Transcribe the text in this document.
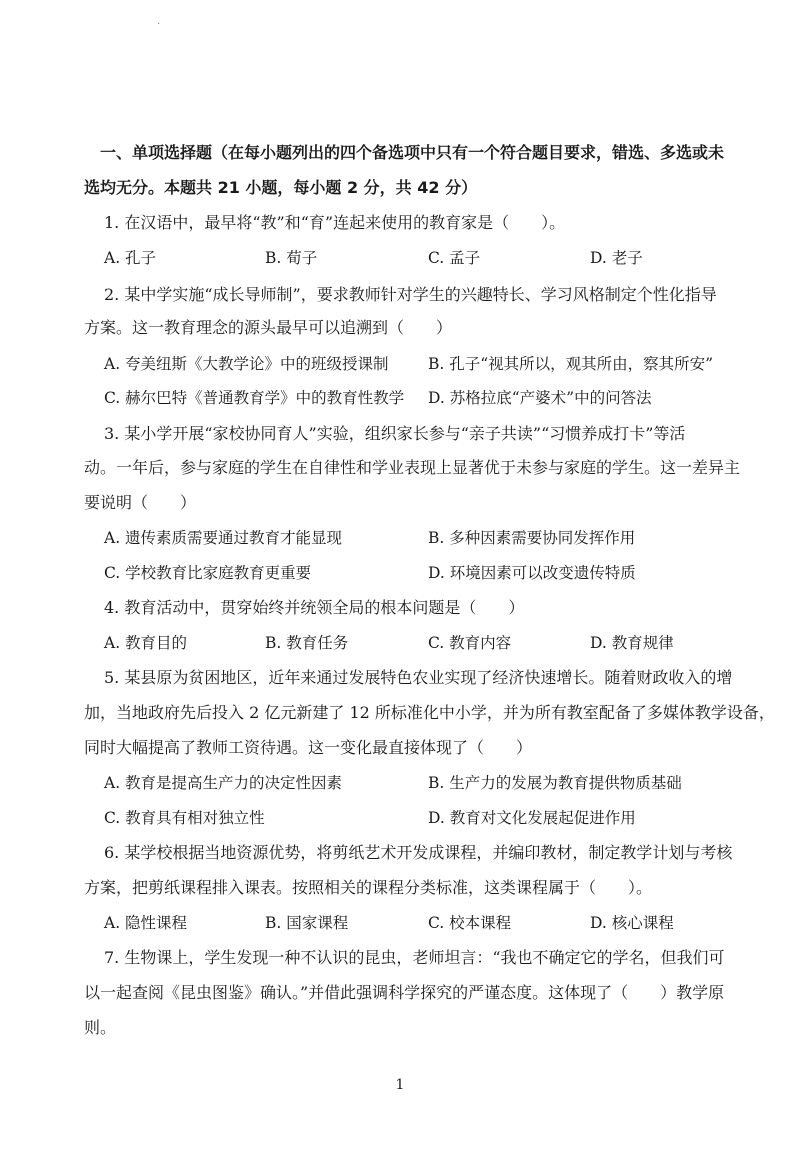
.

一、单项选择题（在每小题列出的四个备选项中只有一个符合题目要求，错选、多选或未

选均无分。本题共 21 小题，每小题 2 分，共 42 分）

1. 在汉语中，最早将“教”和“育”连起来使用的教育家是（　　）。

A. 孔子	B. 荀子	C. 孟子	D. 老子

2. 某中学实施“成长导师制”，要求教师针对学生的兴趣特长、学习风格制定个性化指导

方案。这一教育理念的源头最早可以追溯到（　　）

A. 夸美纽斯《大教学论》中的班级授课制	B. 孔子“视其所以，观其所由，察其所安”
C. 赫尔巴特《普通教育学》中的教育性教学 D. 苏格拉底“产婆术”中的问答法

3. 某小学开展“家校协同育人”实验，组织家长参与“亲子共读”“习惯养成打卡”等活

动。一年后，参与家庭的学生在自律性和学业表现上显著优于未参与家庭的学生。这一差异主

要说明（　　）

A. 遗传素质需要通过教育才能显现	B. 多种因素需要协同发挥作用
C. 学校教育比家庭教育更重要	D. 环境因素可以改变遗传特质

4. 教育活动中，贯穿始终并统领全局的根本问题是（　　）

A. 教育目的	B. 教育任务	C. 教育内容	D. 教育规律

5. 某县原为贫困地区，近年来通过发展特色农业实现了经济快速增长。随着财政收入的增

加，当地政府先后投入 2 亿元新建了 12 所标准化中小学，并为所有教室配备了多媒体教学设备，

同时大幅提高了教师工资待遇。这一变化最直接体现了（　　）

A. 教育是提高生产力的决定性因素	B. 生产力的发展为教育提供物质基础
C. 教育具有相对独立性	D. 教育对文化发展起促进作用

6. 某学校根据当地资源优势，将剪纸艺术开发成课程，并编印教材，制定教学计划与考核

方案，把剪纸课程排入课表。按照相关的课程分类标准，这类课程属于（　　）。

A. 隐性课程	B. 国家课程	C. 校本课程	D. 核心课程

7. 生物课上，学生发现一种不认识的昆虫，老师坦言：“我也不确定它的学名，但我们可

以一起查阅《昆虫图鉴》确认。”并借此强调科学探究的严谨态度。这体现了（　　）教学原

则。

1
